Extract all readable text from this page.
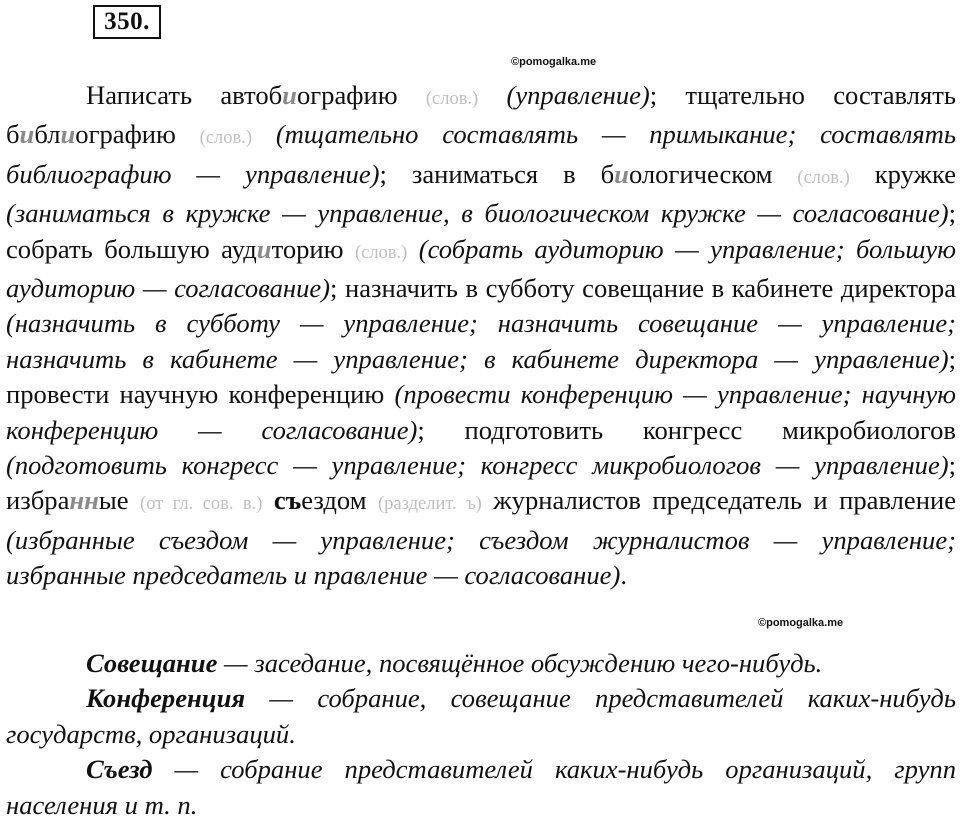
350.
©pomogalka.me

Написать автобиографию (слов.) (управление); тщательно составлять библиографию (слов.) (тщательно составлять — примыкание; составлять библиографию — управление); заниматься в биологическом (слов.) кружке (заниматься в кружке — управление, в биологическом кружке — согласование); собрать большую аудиторию (слов.) (собрать аудиторию — управление; большую аудиторию — согласование); назначить в субботу совещание в кабинете директора (назначить в субботу — управление; назначить совещание — управление; назначить в кабинете — управление; в кабинете директора — управление); провести научную конференцию (провести конференцию — управление; научную конференцию — согласование); подготовить конгресс микробиологов (подготовить конгресс — управление; конгресс микробиологов — управление); избранные (от гл. сов. в.) съездом (разделит. ъ) журналистов председатель и правление (избранные съездом — управление; съездом журналистов — управление; избранные председатель и правление — согласование).

©pomogalka.me

Совещание — заседание, посвящённое обсуждению чего-нибудь.

Конференция — собрание, совещание представителей каких-нибудь государств, организаций.

Съезд — собрание представителей каких-нибудь организаций, групп населения и т. п.
